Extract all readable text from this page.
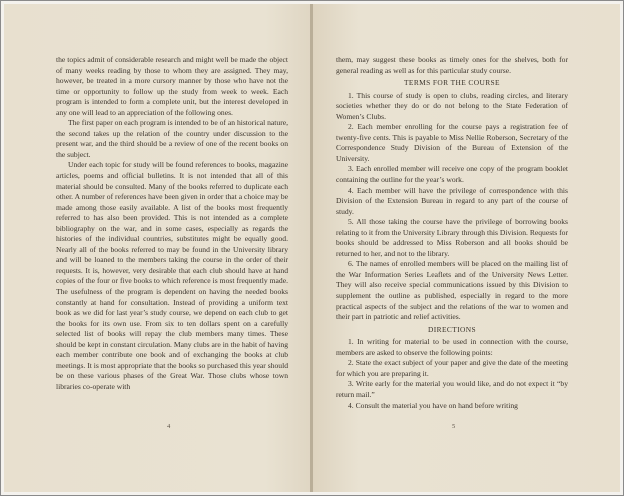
the topics admit of considerable research and might well be made the object of many weeks reading by those to whom they are assigned. They may, however, be treated in a more cursory manner by those who have not the time or opportunity to follow up the study from week to week. Each program is intended to form a complete unit, but the interest developed in any one will lead to an appreciation of the following ones.

The first paper on each program is intended to be of an historical nature, the second takes up the relation of the country under discussion to the present war, and the third should be a review of one of the recent books on the subject.

Under each topic for study will be found references to books, magazine articles, poems and official bulletins. It is not intended that all of this material should be consulted. Many of the books referred to duplicate each other. A number of references have been given in order that a choice may be made among those easily available. A list of the books most frequently referred to has also been provided. This is not intended as a complete bibliography on the war, and in some cases, especially as regards the histories of the individual countries, substitutes might be equally good. Nearly all of the books referred to may be found in the University library and will be loaned to the members taking the course in the order of their requests. It is, however, very desirable that each club should have at hand copies of the four or five books to which reference is most frequently made. The usefulness of the program is dependent on having the needed books constantly at hand for consultation. Instead of providing a uniform text book as we did for last year’s study course, we depend on each club to get the books for its own use. From six to ten dollars spent on a carefully selected list of books will repay the club members many times. These should be kept in constant circulation. Many clubs are in the habit of having each member contribute one book and of exchanging the books at club meetings. It is most appropriate that the books so purchased this year should be on these various phases of the Great War. Those clubs whose town libraries co-operate with

4

them, may suggest these books as timely ones for the shelves, both for general reading as well as for this particular study course.

TERMS FOR THE COURSE

1. This course of study is open to clubs, reading circles, and literary societies whether they do or do not belong to the State Federation of Women’s Clubs.

2. Each member enrolling for the course pays a registration fee of twenty-five cents. This is payable to Miss Nellie Roberson, Secretary of the Correspondence Study Division of the Bureau of Extension of the University.

3. Each enrolled member will receive one copy of the program booklet containing the outline for the year’s work.

4. Each member will have the privilege of correspondence with this Division of the Extension Bureau in regard to any part of the course of study.

5. All those taking the course have the privilege of borrowing books relating to it from the University Library through this Division. Requests for books should be addressed to Miss Roberson and all books should be returned to her, and not to the library.

6. The names of enrolled members will be placed on the mailing list of the War Information Series Leaflets and of the University News Letter. They will also receive special communications issued by this Division to supplement the outline as published, especially in regard to the more practical aspects of the subject and the relations of the war to women and their part in patriotic and relief activities.

DIRECTIONS

1. In writing for material to be used in connection with the course, members are asked to observe the following points:

2. State the exact subject of your paper and give the date of the meeting for which you are preparing it.

3. Write early for the material you would like, and do not expect it “by return mail.”

4. Consult the material you have on hand before writing

5
